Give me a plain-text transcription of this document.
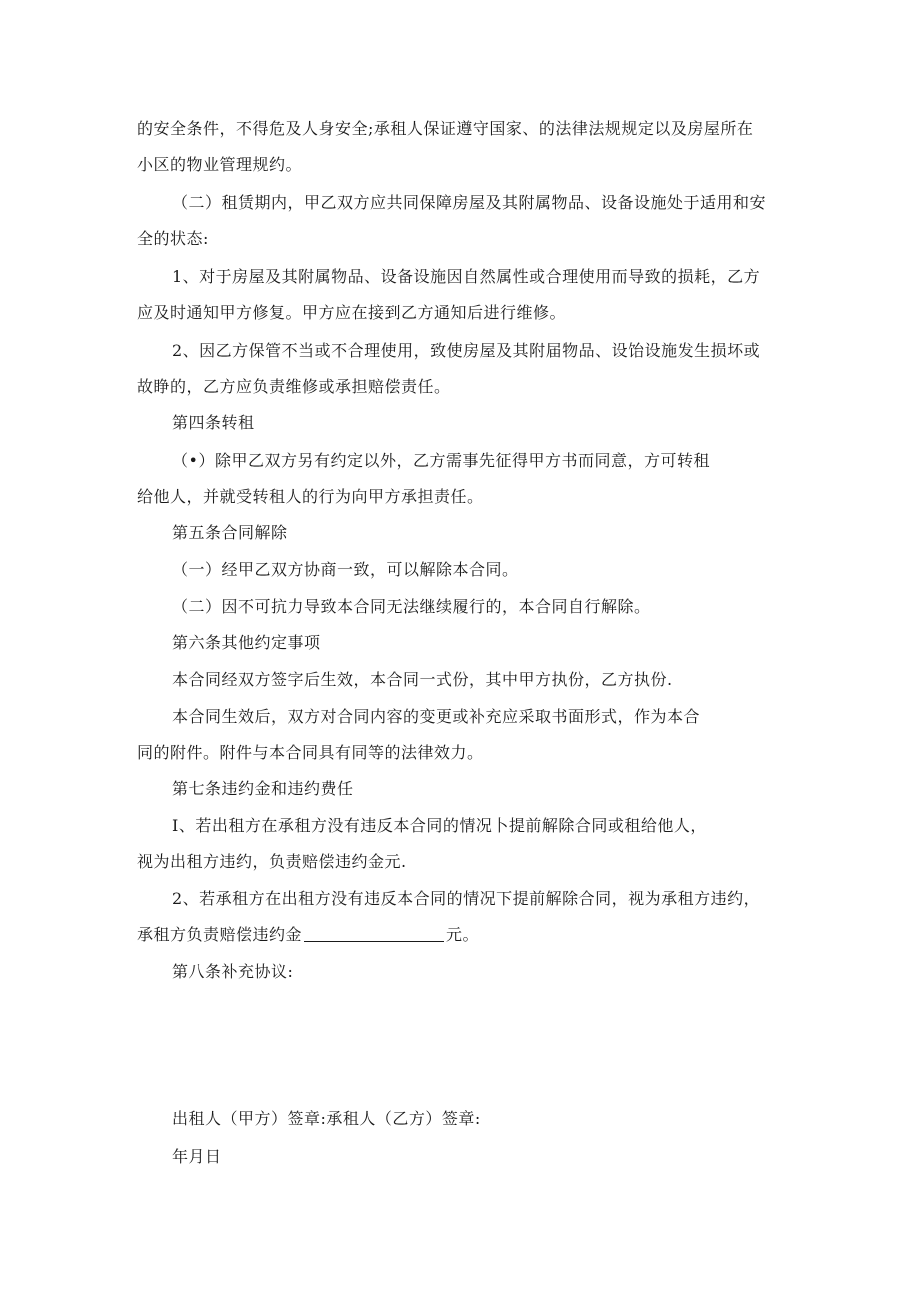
的安全条件，不得危及人身安全;承租人保证遵守国家、的法律法规规定以及房屋所在
小区的物业管理规约。
（二）租赁期内，甲乙双方应共同保障房屋及其附属物品、设备设施处于适用和安
全的状态:
1、对于房屋及其附属物品、设备设施因自然属性或合理使用而导致的损耗，乙方
应及时通知甲方修复。甲方应在接到乙方通知后进行维修。
2、因乙方保管不当或不合理使用，致使房屋及其附届物品、设饴设施发生损坏或
故睁的，乙方应负责维修或承担赔偿责任。
第四条转租
（•）除甲乙双方另有约定以外，乙方需事先征得甲方书而同意，方可转租
给他人，并就受转租人的行为向甲方承担责任。
第五条合同解除
（一）经甲乙双方协商一致，可以解除本合同。
（二）因不可抗力导致本合同无法继续履行的，本合同自行解除。
第六条其他约定事项
本合同经双方签字后生效，本合同一式份，其中甲方执份，乙方执份.
本合同生效后，双方对合同内容的变更或补充应采取书面形式，作为本合
同的附件。附件与本合同具有同等的法律效力。
第七条违约金和违约费任
I、若出租方在承租方没有违反本合同的情况卜提前解除合同或租给他人，
视为出租方违约，负责赔偿违约金元.
2、若承租方在出租方没有违反本合同的情况下提前解除合同，视为承租方违约，
承租方负责赔偿违约金	元。
第八条补充协议:
出租人（甲方）签章:承租人（乙方）签章:
年月日
